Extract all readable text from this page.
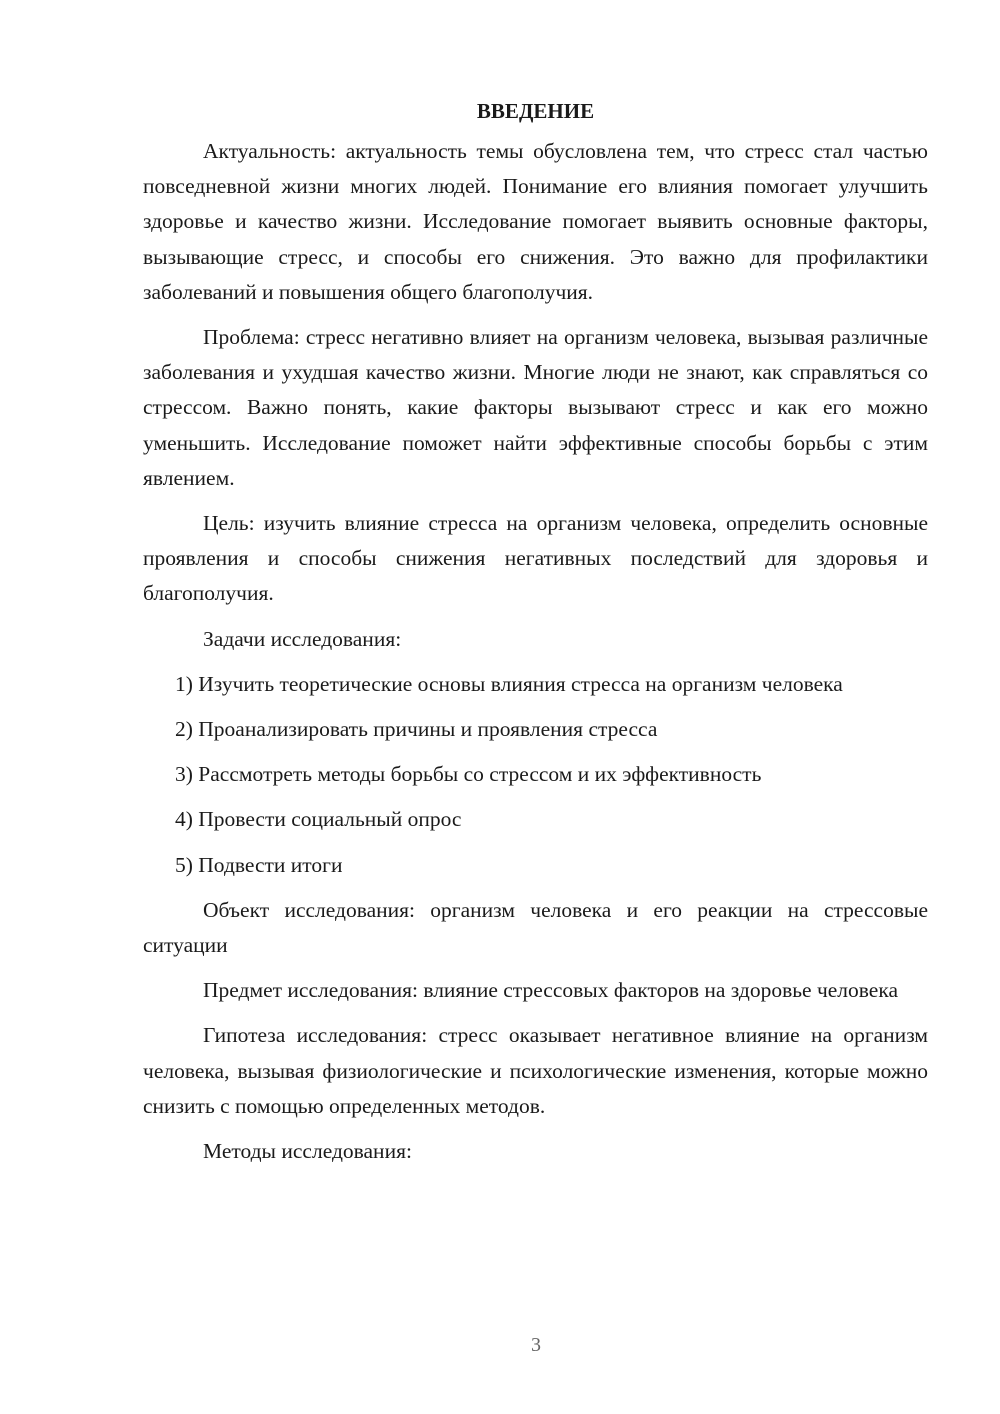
ВВЕДЕНИЕ

Актуальность: актуальность темы обусловлена тем, что стресс стал частью повседневной жизни многих людей. Понимание его влияния помогает улучшить здоровье и качество жизни. Исследование помогает выявить основные факторы, вызывающие стресс, и способы его снижения. Это важно для профилактики заболеваний и повышения общего благополучия.

Проблема: стресс негативно влияет на организм человека, вызывая различные заболевания и ухудшая качество жизни. Многие люди не знают, как справляться со стрессом. Важно понять, какие факторы вызывают стресс и как его можно уменьшить. Исследование поможет найти эффективные способы борьбы с этим явлением.

Цель: изучить влияние стресса на организм человека, определить основные проявления и способы снижения негативных последствий для здоровья и благополучия.

Задачи исследования:

1) Изучить теоретические основы влияния стресса на организм человека

2) Проанализировать причины и проявления стресса

3) Рассмотреть методы борьбы со стрессом и их эффективность

4) Провести социальный опрос

5) Подвести итоги

Объект исследования: организм человека и его реакции на стрессовые ситуации

Предмет исследования: влияние стрессовых факторов на здоровье человека

Гипотеза исследования: стресс оказывает негативное влияние на организм человека, вызывая физиологические и психологические изменения, которые можно снизить с помощью определенных методов.

Методы исследования:

3
